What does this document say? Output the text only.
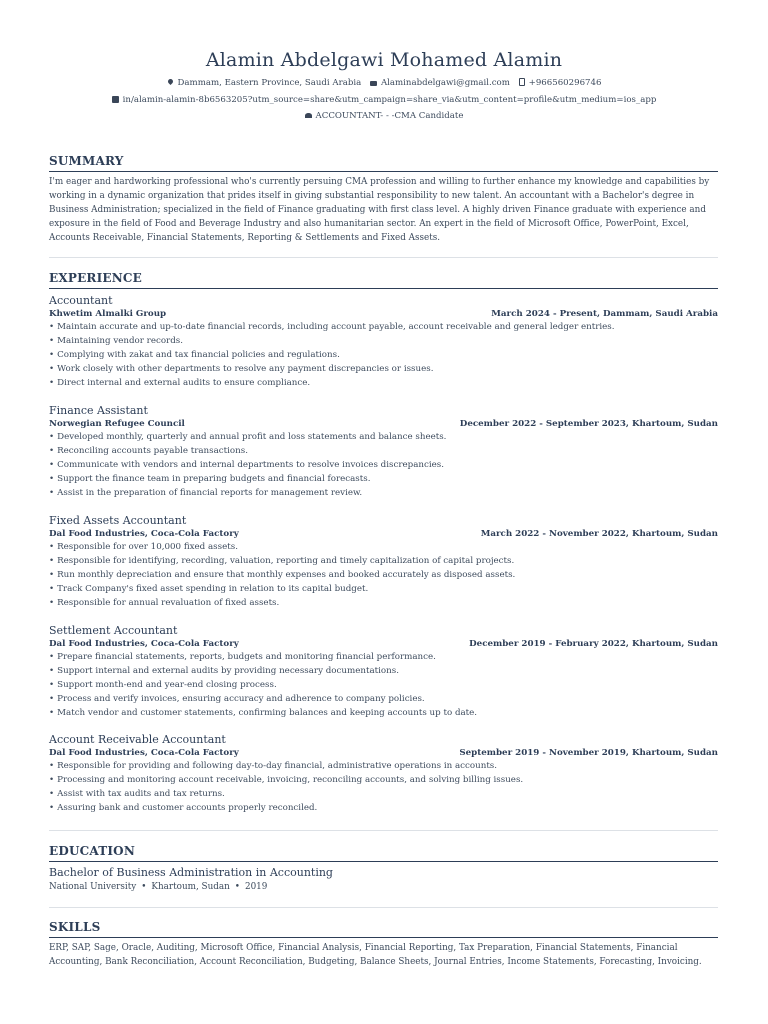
Alamin Abdelgawi Mohamed Alamin
Dammam, Eastern Province, Saudi Arabia Alaminabdelgawi@gmail.com +966560296746
in/alamin-alamin-8b6563205?utm_source=share&utm_campaign=share_via&utm_content=profile&utm_medium=ios_app
ACCOUNTANT- - -CMA Candidate
SUMMARY
I'm eager and hardworking professional who's currently persuing CMA profession and willing to further enhance my knowledge and capabilities by working in a dynamic organization that prides itself in giving substantial responsibility to new talent. An accountant with a Bachelor's degree in Business Administration; specialized in the field of Finance graduating with first class level. A highly driven Finance graduate with experience and exposure in the field of Food and Beverage Industry and also humanitarian sector. An expert in the field of Microsoft Office, PowerPoint, Excel, Accounts Receivable, Financial Statements, Reporting & Settlements and Fixed Assets.
EXPERIENCE
Accountant
Khwetim Almalki Group	March 2024 - Present, Dammam, Saudi Arabia
• Maintain accurate and up-to-date financial records, including account payable, account receivable and general ledger entries.
• Maintaining vendor records.
• Complying with zakat and tax financial policies and regulations.
• Work closely with other departments to resolve any payment discrepancies or issues.
• Direct internal and external audits to ensure compliance.
Finance Assistant
Norwegian Refugee Council	December 2022 - September 2023, Khartoum, Sudan
• Developed monthly, quarterly and annual profit and loss statements and balance sheets.
• Reconciling accounts payable transactions.
• Communicate with vendors and internal departments to resolve invoices discrepancies.
• Support the finance team in preparing budgets and financial forecasts.
• Assist in the preparation of financial reports for management review.
Fixed Assets Accountant
Dal Food Industries, Coca-Cola Factory	March 2022 - November 2022, Khartoum, Sudan
• Responsible for over 10,000 fixed assets.
• Responsible for identifying, recording, valuation, reporting and timely capitalization of capital projects.
• Run monthly depreciation and ensure that monthly expenses and booked accurately as disposed assets.
• Track Company's fixed asset spending in relation to its capital budget.
• Responsible for annual revaluation of fixed assets.
Settlement Accountant
Dal Food Industries, Coca-Cola Factory	December 2019 - February 2022, Khartoum, Sudan
• Prepare financial statements, reports, budgets and monitoring financial performance.
• Support internal and external audits by providing necessary documentations.
• Support month-end and year-end closing process.
• Process and verify invoices, ensuring accuracy and adherence to company policies.
• Match vendor and customer statements, confirming balances and keeping accounts up to date.
Account Receivable Accountant
Dal Food Industries, Coca-Cola Factory	September 2019 - November 2019, Khartoum, Sudan
• Responsible for providing and following day-to-day financial, administrative operations in accounts.
• Processing and monitoring account receivable, invoicing, reconciling accounts, and solving billing issues.
• Assist with tax audits and tax returns.
• Assuring bank and customer accounts properly reconciled.
EDUCATION
Bachelor of Business Administration in Accounting
National University • Khartoum, Sudan • 2019
SKILLS
ERP, SAP, Sage, Oracle, Auditing, Microsoft Office, Financial Analysis, Financial Reporting, Tax Preparation, Financial Statements, Financial Accounting, Bank Reconciliation, Account Reconciliation, Budgeting, Balance Sheets, Journal Entries, Income Statements, Forecasting, Invoicing.
